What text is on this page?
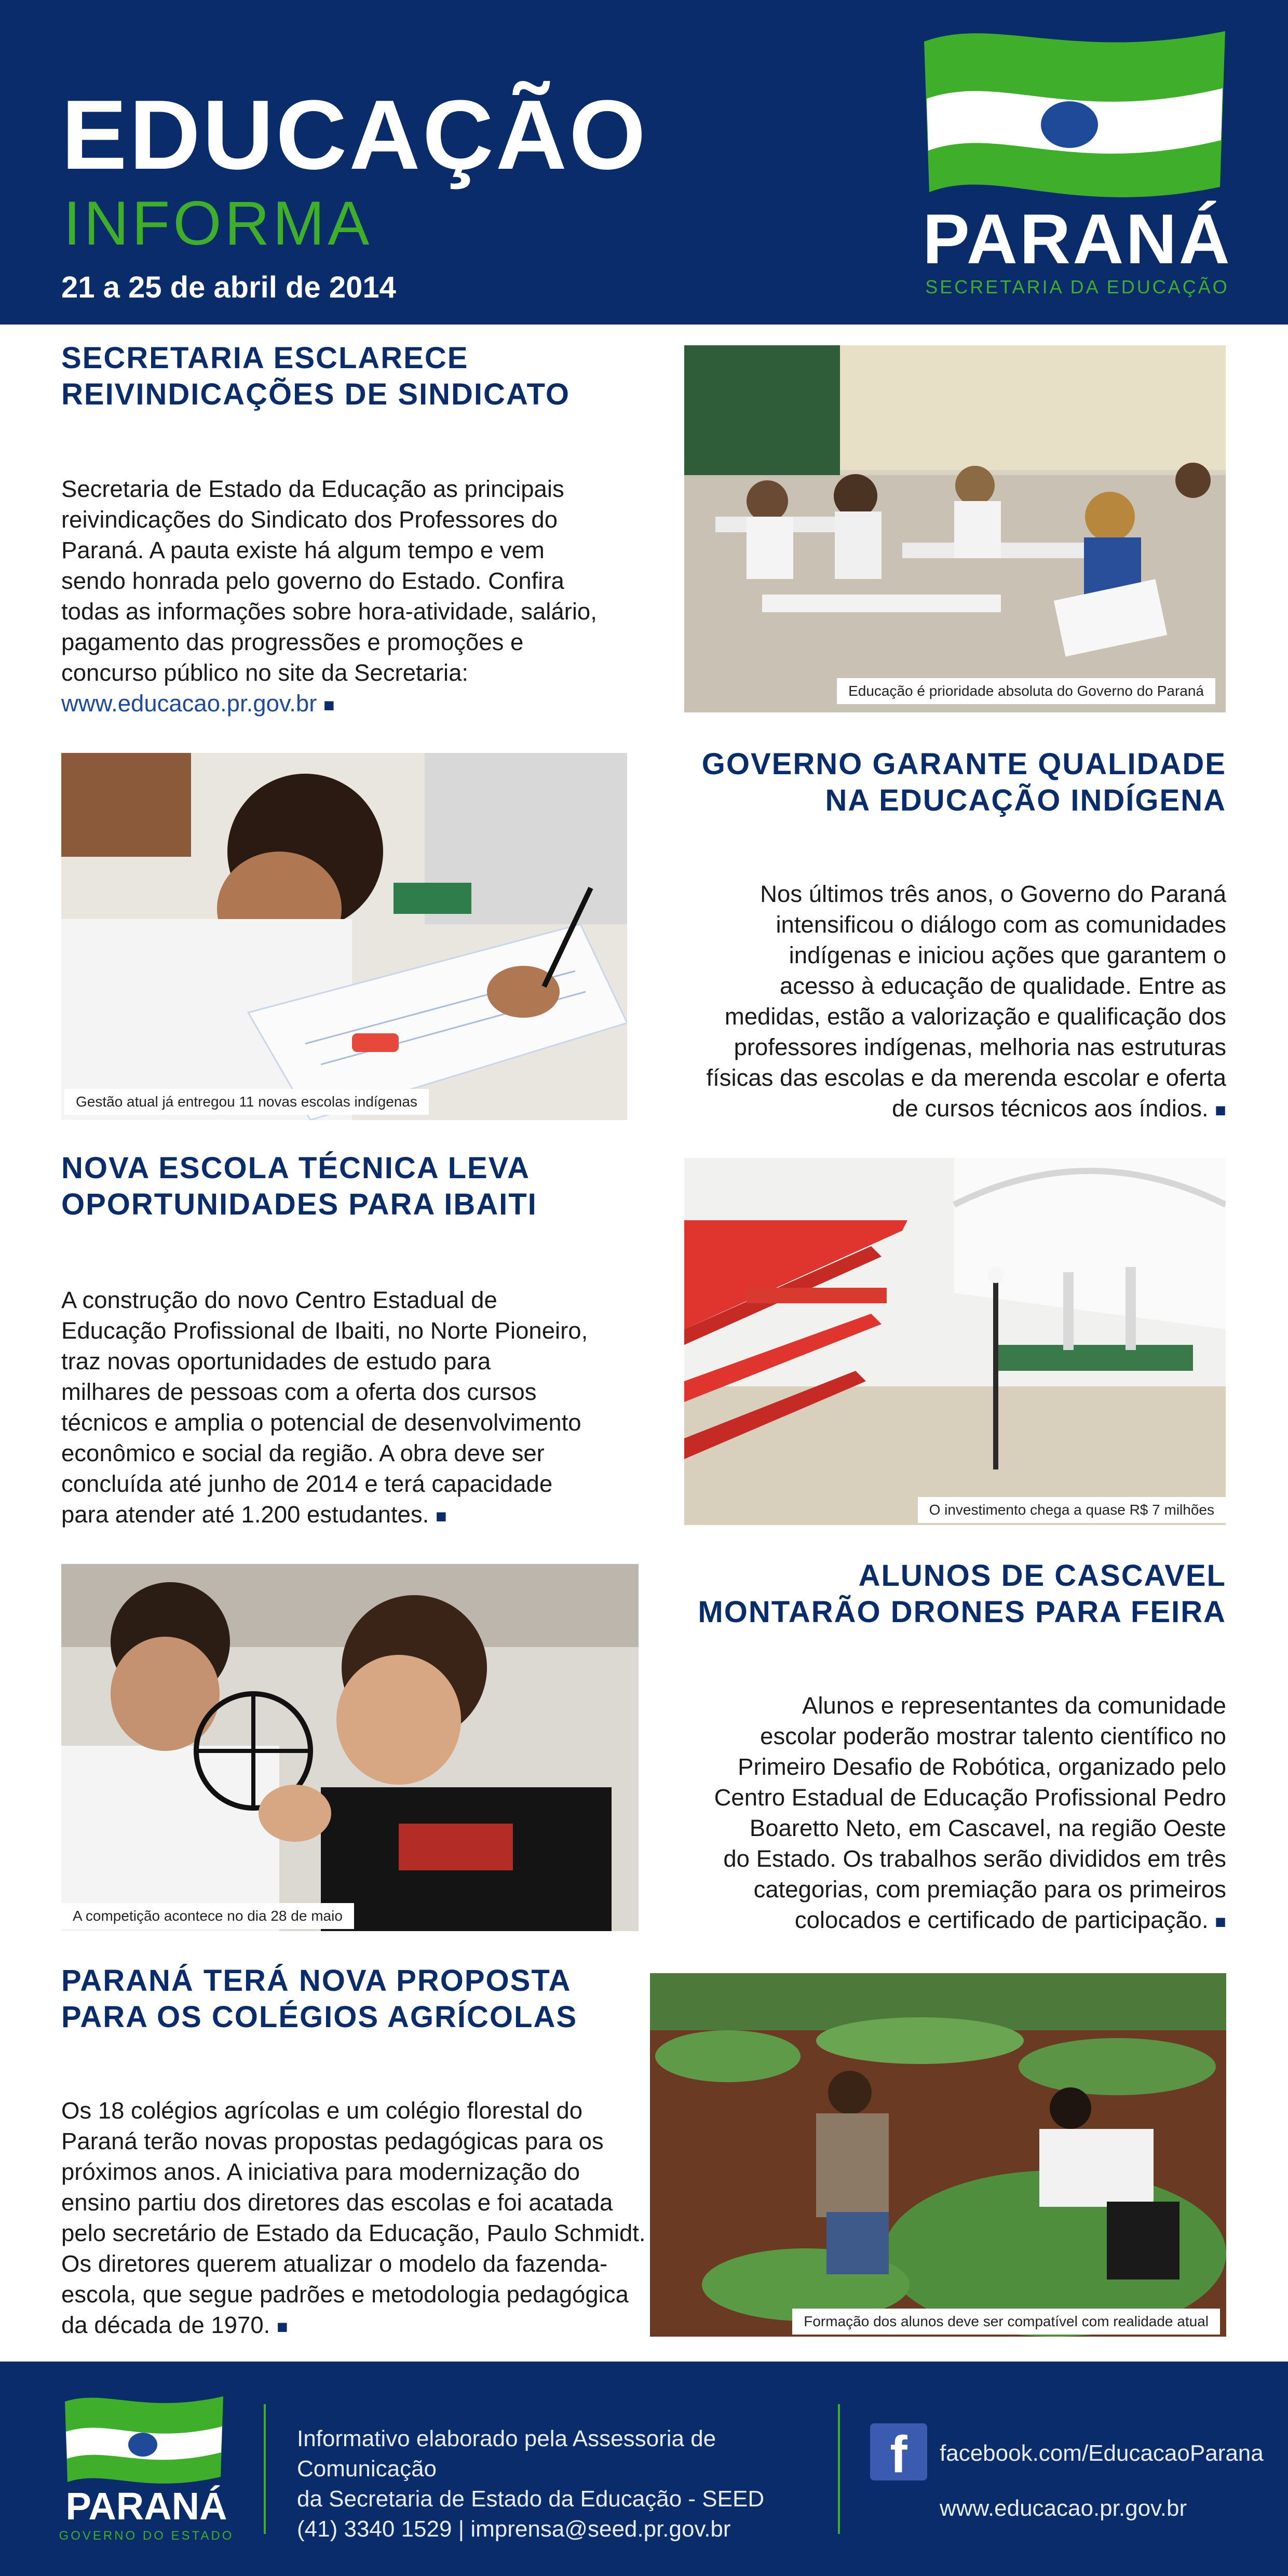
EDUCAÇÃO
INFORMA
21 a 25 de abril de 2014
PARANÁ
SECRETARIA DA EDUCAÇÃO
SECRETARIA ESCLARECE
REIVINDICAÇÕES DE SINDICATO
Secretaria de Estado da Educação as principais
reivindicações do Sindicato dos Professores do
Paraná. A pauta existe há algum tempo e vem
sendo honrada pelo governo do Estado. Confira
todas as informações sobre hora-atividade, salário,
pagamento das progressões e promoções e
concurso público no site da Secretaria:
www.educacao.pr.gov.br ■
Educação é prioridade absoluta do Governo do Paraná
Gestão atual já entregou 11 novas escolas indígenas
GOVERNO GARANTE QUALIDADE
NA EDUCAÇÃO INDÍGENA
Nos últimos três anos, o Governo do Paraná
intensificou o diálogo com as comunidades
indígenas e iniciou ações que garantem o
acesso à educação de qualidade. Entre as
medidas, estão a valorização e qualificação dos
professores indígenas, melhoria nas estruturas
físicas das escolas e da merenda escolar e oferta
de cursos técnicos aos índios. ■
NOVA ESCOLA TÉCNICA LEVA
OPORTUNIDADES PARA IBAITI
A construção do novo Centro Estadual de
Educação Profissional de Ibaiti, no Norte Pioneiro,
traz novas oportunidades de estudo para
milhares de pessoas com a oferta dos cursos
técnicos e amplia o potencial de desenvolvimento
econômico e social da região. A obra deve ser
concluída até junho de 2014 e terá capacidade
para atender até 1.200 estudantes. ■	O investimento chega a quase R$ 7 milhões
A competição acontece no dia 28 de maio
ALUNOS DE CASCAVEL
MONTARÃO DRONES PARA FEIRA
Alunos e representantes da comunidade
escolar poderão mostrar talento científico no
Primeiro Desafio de Robótica, organizado pelo
Centro Estadual de Educação Profissional Pedro
Boaretto Neto, em Cascavel, na região Oeste
do Estado. Os trabalhos serão divididos em três
categorias, com premiação para os primeiros
colocados e certificado de participação. ■
PARANÁ TERÁ NOVA PROPOSTA
PARA OS COLÉGIOS AGRÍCOLAS
Os 18 colégios agrícolas e um colégio florestal do
Paraná terão novas propostas pedagógicas para os
próximos anos. A iniciativa para modernização do
ensino partiu dos diretores das escolas e foi acatada
pelo secretário de Estado da Educação, Paulo Schmidt.
Os diretores querem atualizar o modelo da fazenda-
escola, que segue padrões e metodologia pedagógica
da década de 1970. ■	Formação dos alunos deve ser compatível com realidade atual
PARANÁ
GOVERNO DO ESTADO
Informativo elaborado pela Assessoria de Comunicação
da Secretaria de Estado da Educação - SEED
(41) 3340 1529 | imprensa@seed.pr.gov.br
f	facebook.com/EducacaoParana
www.educacao.pr.gov.br
